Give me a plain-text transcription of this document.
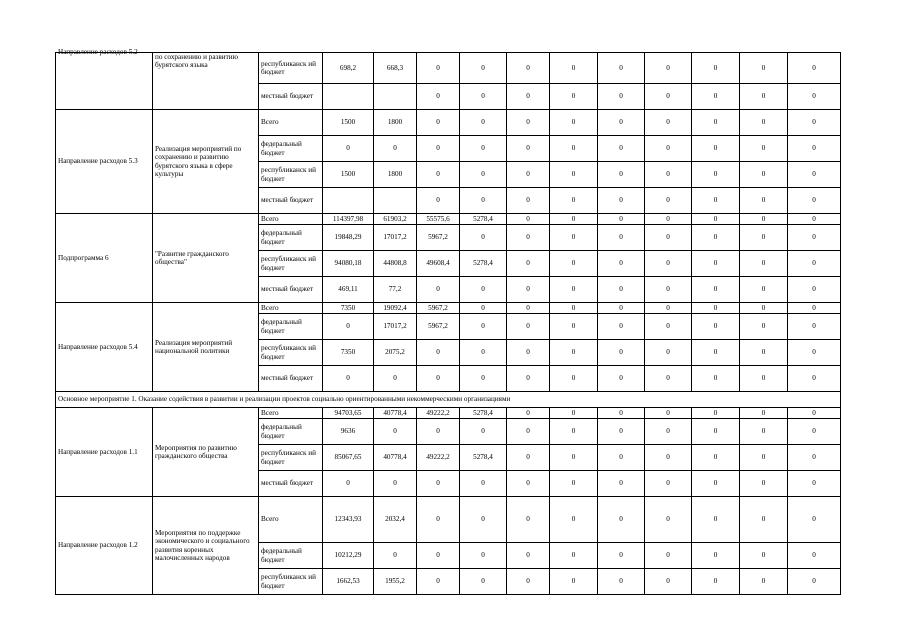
Направление расходов 5.2	по сохранению и развитию бурятского языка	республиканск ий бюджет	698,2	668,3	0	0	0	0	0	0	0	0	0
		местный бюджет			0	0	0	0	0	0	0	0	0
Направление расходов 5.3	Реализация мероприятий по сохранению и развитию бурятского языка в сфере культуры	Всего	1500	1800	0	0	0	0	0	0	0	0	0
		федеральный бюджет	0	0	0	0	0	0	0	0	0	0	0
		республиканск ий бюджет	1500	1800	0	0	0	0	0	0	0	0	0
		местный бюджет			0	0	0	0	0	0	0	0	0
Подпрограмма 6	"Развитие гражданского общества"	Всего	114397,98	61903,2	55575,6	5278,4	0	0	0	0	0	0	0
		федеральный бюджет	19848,29	17017,2	5967,2	0	0	0	0	0	0	0	0
		республиканск ий бюджет	94080,18	44808,8	49608,4	5278,4	0	0	0	0	0	0	0
		местный бюджет	469,11	77,2	0	0	0	0	0	0	0	0	0
Направление расходов 5.4	Реализация мероприятий национальной политики	Всего	7350	19092,4	5967,2	0	0	0	0	0	0	0	0
		федеральный бюджет	0	17017,2	5967,2	0	0	0	0	0	0	0	0
		республиканск ий бюджет	7350	2075,2	0	0	0	0	0	0	0	0	0
		местный бюджет	0	0	0	0	0	0	0	0	0	0	0
Основное мероприятие 1. Оказание содействия в развитии и реализации проектов социально ориентированными некоммерческими организациями													
Направление расходов 1.1	Мероприятия по развитию гражданского общества	Всего	94703,65	40778,4	49222,2	5278,4	0	0	0	0	0	0	0
		федеральный бюджет	9636	0	0	0	0	0	0	0	0	0	0
		республиканск ий бюджет	85067,65	40778,4	49222,2	5278,4	0	0	0	0	0	0	0
		местный бюджет	0	0	0	0	0	0	0	0	0	0	0
Направление расходов 1.2	Мероприятия по поддержке экономического и социального развития коренных малочисленных народов	Всего	12343,93	2032,4	0	0	0	0	0	0	0	0	0
		федеральный бюджет	10212,29	0	0	0	0	0	0	0	0	0	0
		республиканск ий бюджет	1662,53	1955,2	0	0	0	0	0	0	0	0	0
